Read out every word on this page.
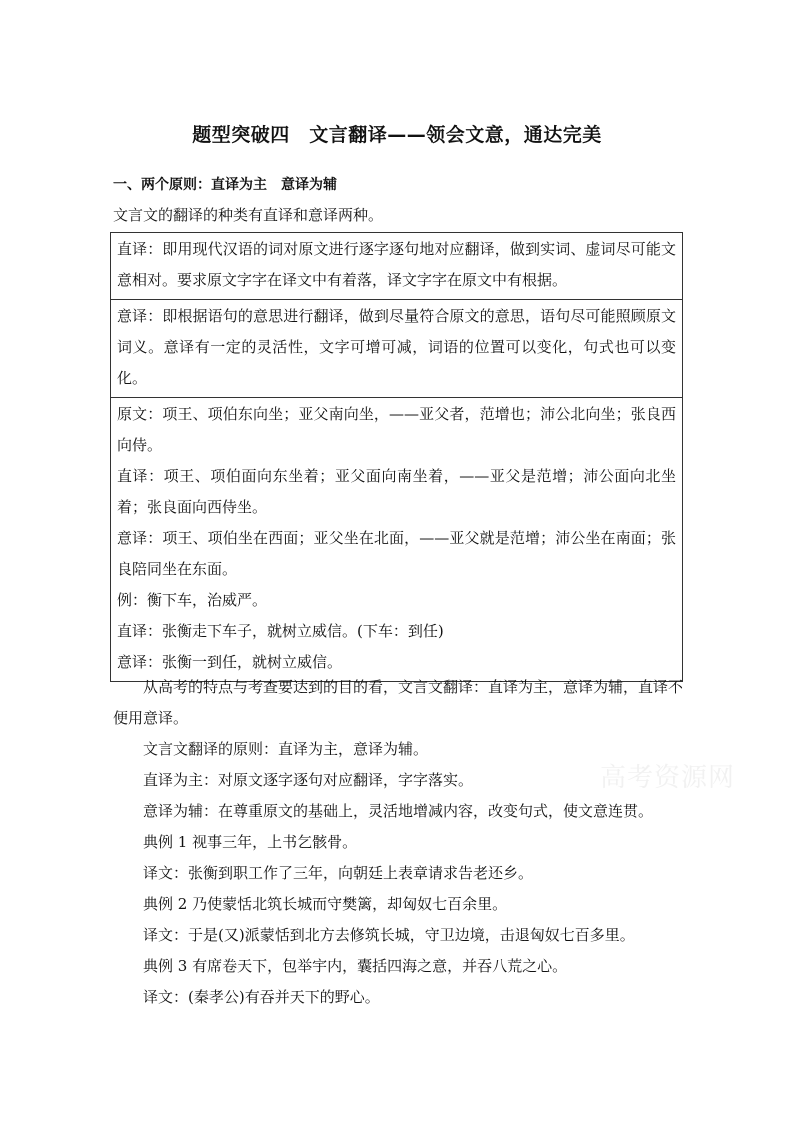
题型突破四　文言翻译——领会文意，通达完美
一、两个原则：直译为主　意译为辅
文言文的翻译的种类有直译和意译两种。

直译：即用现代汉语的词对原文进行逐字逐句地对应翻译，做到实词、虚词尽可能文意相对。要求原文字字在译文中有着落，译文字字在原文中有根据。

意译：即根据语句的意思进行翻译，做到尽量符合原文的意思，语句尽可能照顾原文词义。意译有一定的灵活性，文字可增可减，词语的位置可以变化，句式也可以变化。

原文：项王、项伯东向坐；亚父南向坐，——亚父者，范增也；沛公北向坐；张良西向侍。

直译：项王、项伯面向东坐着；亚父面向南坐着，——亚父是范增；沛公面向北坐着；张良面向西侍坐。

意译：项王、项伯坐在西面；亚父坐在北面，——亚父就是范增；沛公坐在南面；张良陪同坐在东面。

例：衡下车，治威严。

直译：张衡走下车子，就树立威信。(下车：到任)

意译：张衡一到任，就树立威信。

从高考的特点与考查要达到的目的看，文言文翻译：直译为主，意译为辅，直译不便用意译。

文言文翻译的原则：直译为主，意译为辅。

直译为主：对原文逐字逐句对应翻译，字字落实。

意译为辅：在尊重原文的基础上，灵活地增减内容，改变句式，使文意连贯。

典例 1 视事三年，上书乞骸骨。

译文：张衡到职工作了三年，向朝廷上表章请求告老还乡。

典例 2 乃使蒙恬北筑长城而守樊篱，却匈奴七百余里。

译文：于是(又)派蒙恬到北方去修筑长城，守卫边境，击退匈奴七百多里。

典例 3 有席卷天下，包举宇内，囊括四海之意，并吞八荒之心。

译文：(秦孝公)有吞并天下的野心。

高考资源网
